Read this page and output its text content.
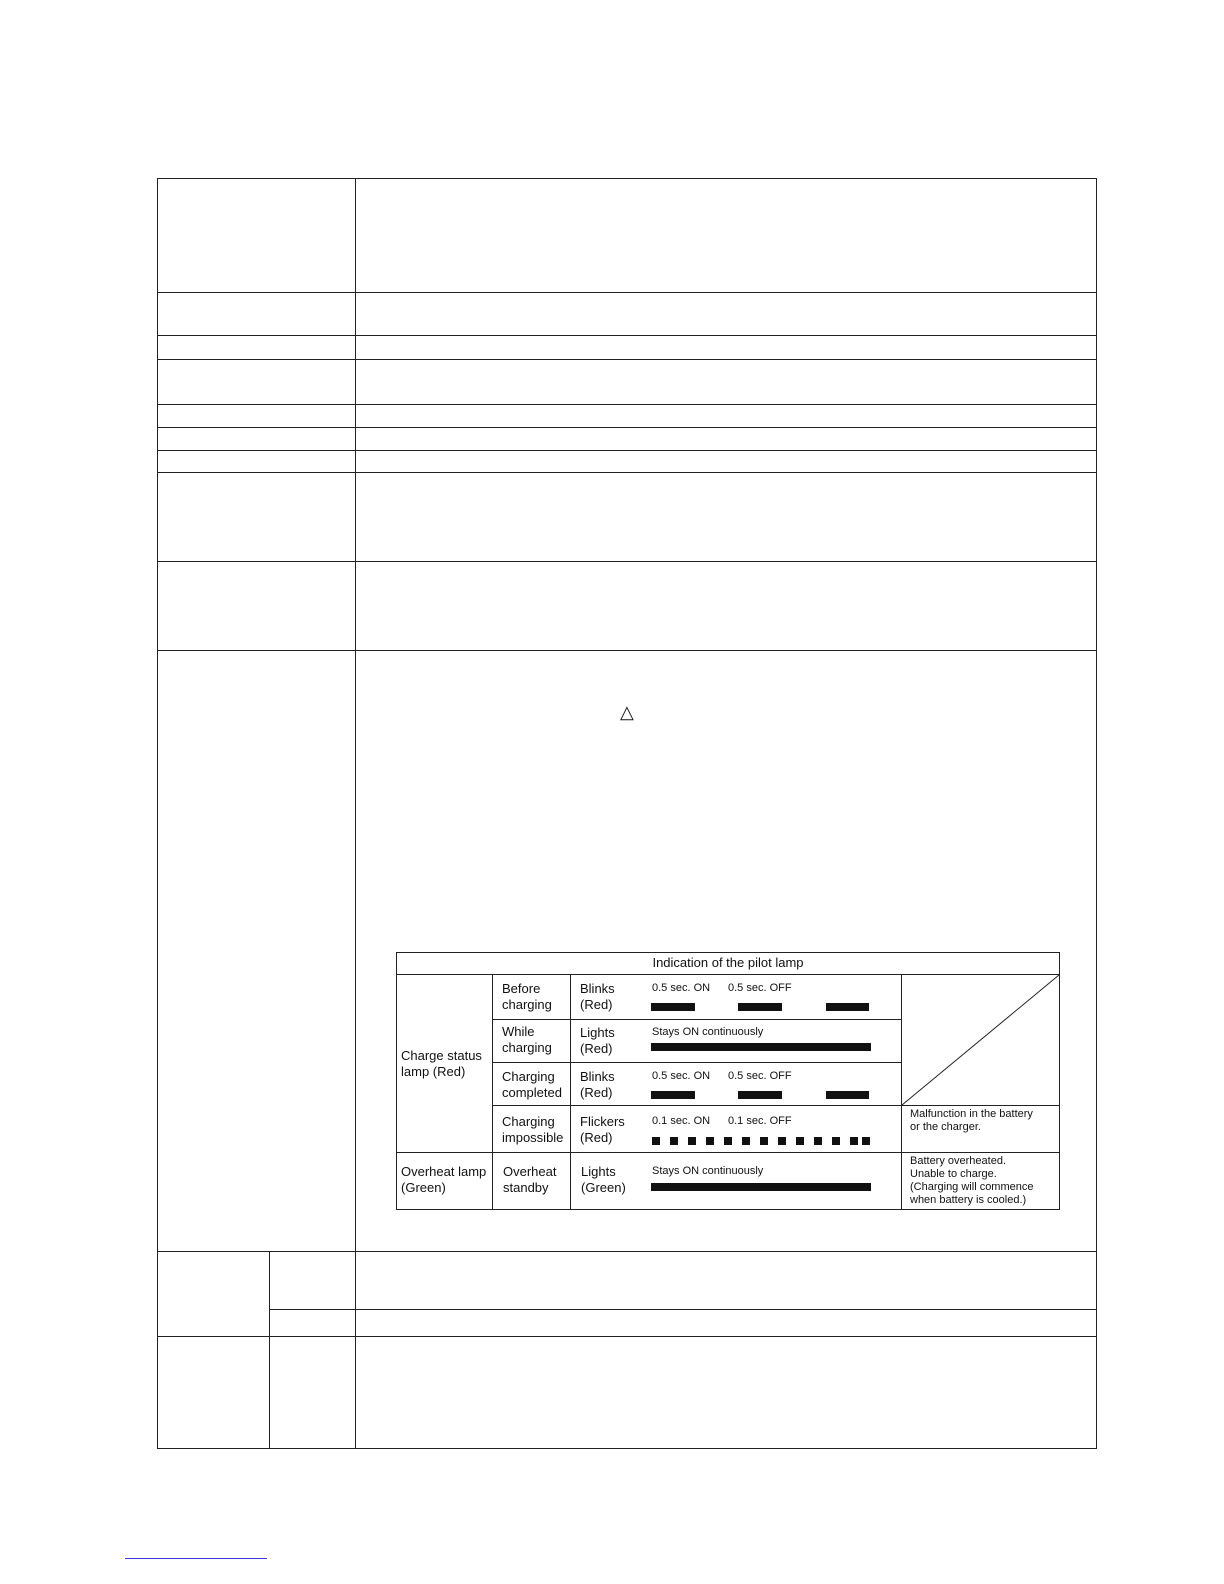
△
Indication of the pilot lamp
Charge status
lamp (Red)
Overheat lamp
(Green)
Before
charging
Blinks
(Red)
0.5 sec. ON 0.5 sec. OFF
While
charging
Lights
(Red)
Stays ON continuously
Charging
completed
Blinks
(Red)
0.5 sec. ON 0.5 sec. OFF
Charging
impossible
Flickers
(Red)
0.1 sec. ON 0.1 sec. OFF
Malfunction in the battery
or the charger.
Overheat
standby
Lights
(Green)
Stays ON continuously
Battery overheated.
Unable to charge.
(Charging will commence
when battery is cooled.)
